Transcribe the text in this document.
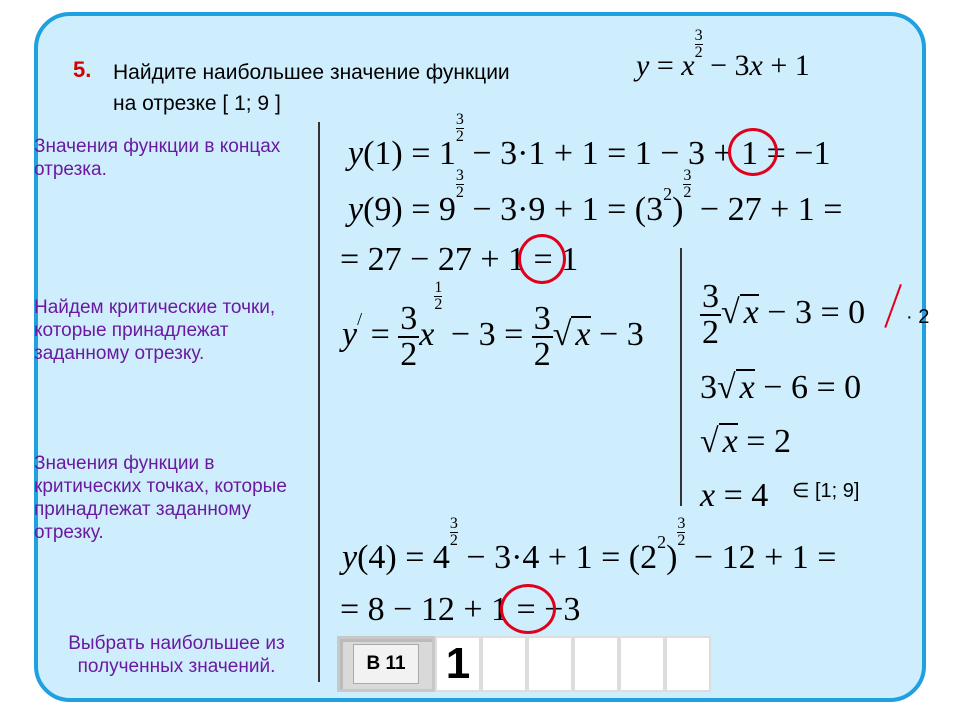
5. Найдите наибольшее значение функции
на отрезке [ 1; 9 ]
y = x
$\frac{3}{2} - 3x + 1$
Значения функции в концах отрезка.
Найдем критические точки, которые принадлежат заданному отрезку.
Значения функции в критических точках, которые принадлежат заданному отрезку.
Выбрать наибольшее из полученных значений.
y(1) = 1
$\frac{3}{2} - 3\cdot 1 + 1 = 1 - 3 + 1 = -1$
y(9) = 9
$\frac{3}{2} - 3\cdot 9 + 1 = (3^2)$
$\frac{3}{2} - 27 + 1$ =
= 27 − 27 + 1 = 1
$y^/ = \frac{3}{2}$ x
$\frac{1}{2} - 3 = \frac{3}{2}$ √ $x - 3 \frac{3}{2}$ √ x − 3 = 0 · 2
3√ x − 6 = 0
√ x = 2
x = 4 ∈ [1; 9]
y(4) = 4
$\frac{3}{2} - 3\cdot 4 + 1 = (2^2)$
$\frac{3}{2} - 12 + 1$ =
= 8 − 12 + 1 = −3
В 11 1
